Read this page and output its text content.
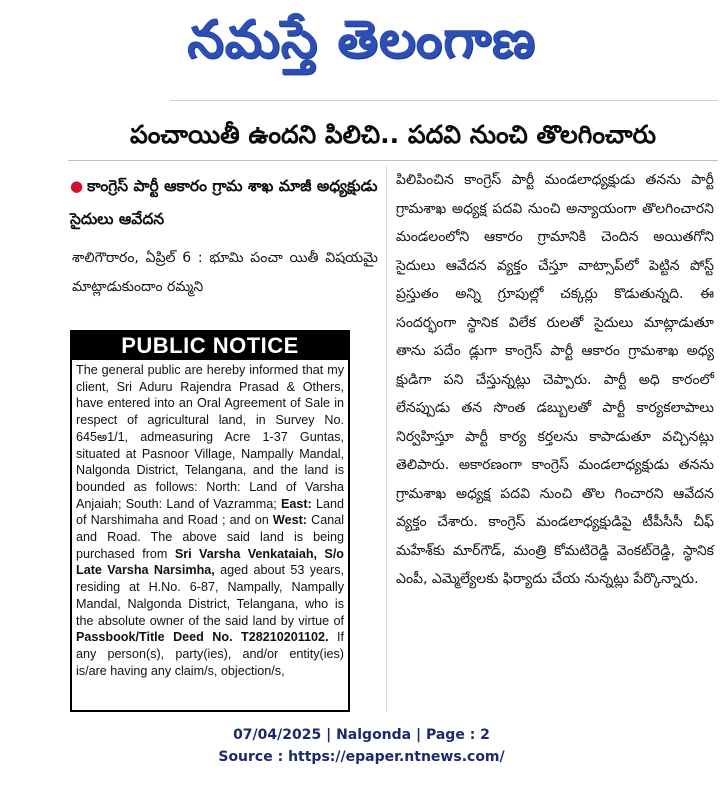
నమస్తే తెలంగాణ
పంచాయితీ ఉందని పిలిచి.. పదవి నుంచి తొలగించారు
● కాంగ్రెస్ పార్టీ ఆకారం గ్రామ శాఖ మాజీ అధ్యక్షుడు సైదులు ఆవేదన
శాలిగౌరారం, ఏప్రిల్ 6 : భూమి పంచా యితీ విషయమై మాట్లాడుకుందాం రమ్మని
PUBLIC NOTICE
The general public are hereby informed that my client, Sri Aduru Rajendra Prasad & Others, have entered into an Oral Agreement of Sale in respect of agricultural land, in Survey No. 645అ1/1, admeasuring Acre 1-37 Guntas, situated at Pasnoor Village, Nampally Mandal, Nalgonda District, Telangana, and the land is bounded as follows: North: Land of Varsha Anjaiah; South: Land of Vazramma; East: Land of Narshimaha and Road ; and on West: Canal and Road. The above said land is being purchased from Sri Varsha Venkataiah, S/o Late Varsha Narsimha, aged about 53 years, residing at H.No. 6-87, Nampally, Nampally Mandal, Nalgonda District, Telangana, who is the absolute owner of the said land by virtue of Passbook/Title Deed No. T28210201102. If any person(s), party(ies), and/or entity(ies) is/are having any claim/s, objection/s,
పిలిపించిన కాంగ్రెస్ పార్టీ మండలాధ్యక్షుడు తనను పార్టీ గ్రామశాఖ అధ్యక్ష పదవి నుంచి అన్యాయంగా తొలగించారని మండలంలోని ఆకారం గ్రామానికి చెందిన అయితగోని సైదులు ఆవేదన వ్యక్తం చేస్తూ వాట్సాప్‌లో పెట్టిన పోస్ట్ ప్రస్తుతం అన్ని గ్రూపుల్లో చక్కర్లు కొడుతున్నది. ఈ సందర్భంగా స్థానిక విలేక రులతో సైదులు మాట్లాడుతూ తాను పదేం డ్లుగా కాంగ్రెస్ పార్టీ ఆకారం గ్రామశాఖ అధ్య క్షుడిగా పని చేస్తున్నట్లు చెప్పారు. పార్టీ అధి కారంలో లేనప్పుడు తన సొంత డబ్బులతో పార్టీ కార్యకలాపాలు నిర్వహిస్తూ పార్టీ కార్య కర్తలను కాపాడుతూ వచ్చినట్లు తెలిపారు. అకారణంగా కాంగ్రెస్ మండలాధ్యక్షుడు తనను గ్రామశాఖ అధ్యక్ష పదవి నుంచి తొల గించారని ఆవేదన వ్యక్తం చేశారు. కాంగ్రెస్ మండలాధ్యక్షుడిపై టీపీసీసీ చీఫ్ మహేశ్‌కు మార్‌గౌడ్, మంత్రి కోమటిరెడ్డి వెంకట్‌రెడ్డి, స్థానిక ఎంపీ, ఎమ్మెల్యేలకు ఫిర్యాదు చేయ నున్నట్లు పేర్కొన్నారు.
07/04/2025 | Nalgonda | Page : 2
Source : https://epaper.ntnews.com/
